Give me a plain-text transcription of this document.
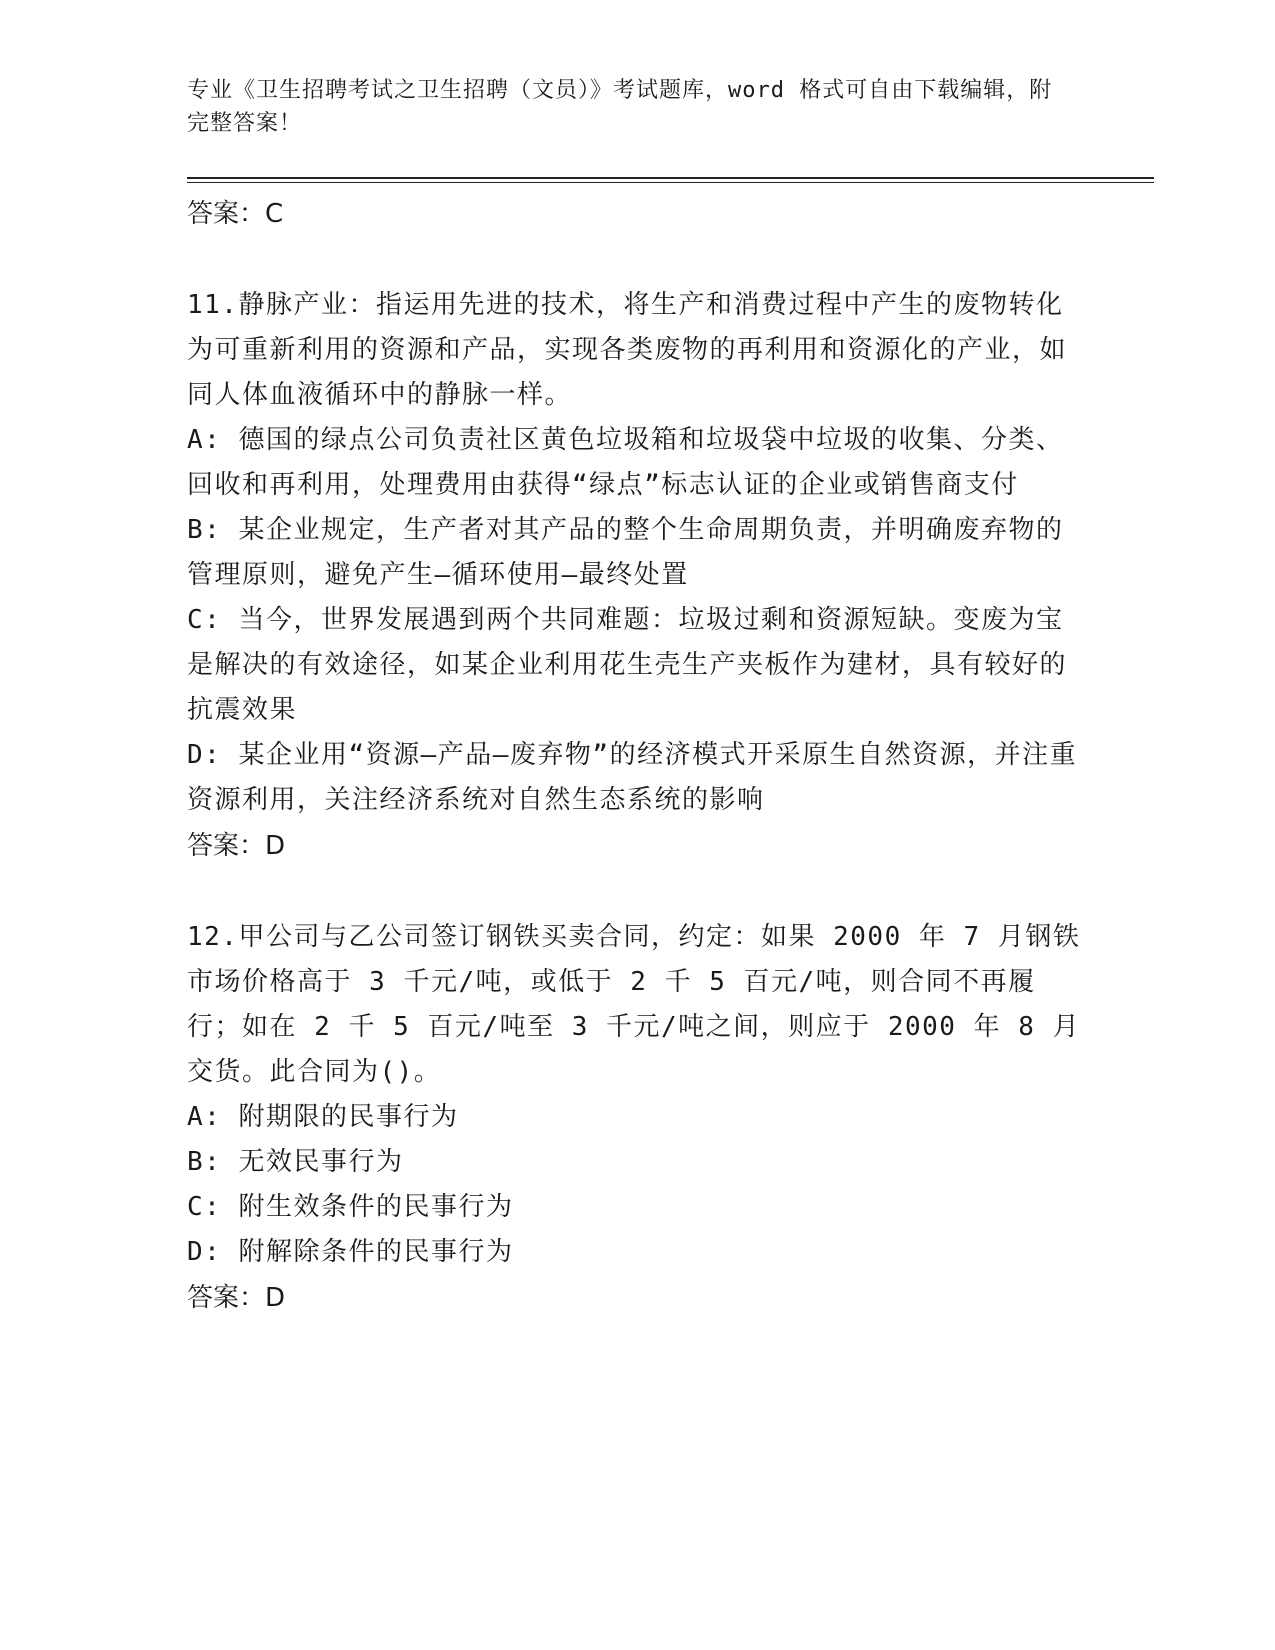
专业《卫生招聘考试之卫生招聘（文员）》考试题库，word 格式可自由下载编辑，附完整答案！

答案：C

11.静脉产业：指运用先进的技术，将生产和消费过程中产生的废物转化为可重新利用的资源和产品，实现各类废物的再利用和资源化的产业，如同人体血液循环中的静脉一样。

A: 德国的绿点公司负责社区黄色垃圾箱和垃圾袋中垃圾的收集、分类、回收和再利用，处理费用由获得“绿点”标志认证的企业或销售商支付

B: 某企业规定，生产者对其产品的整个生命周期负责，并明确废弃物的管理原则，避免产生—循环使用—最终处置

C: 当今，世界发展遇到两个共同难题：垃圾过剩和资源短缺。变废为宝是解决的有效途径，如某企业利用花生壳生产夹板作为建材，具有较好的抗震效果

D: 某企业用“资源—产品—废弃物”的经济模式开采原生自然资源，并注重资源利用，关注经济系统对自然生态系统的影响

答案：D

12.甲公司与乙公司签订钢铁买卖合同，约定：如果 2000 年 7 月钢铁市场价格高于 3 千元/吨，或低于 2 千 5 百元/吨，则合同不再履行；如在 2 千 5 百元/吨至 3 千元/吨之间，则应于 2000 年 8 月交货。此合同为()。

A: 附期限的民事行为

B: 无效民事行为

C: 附生效条件的民事行为

D: 附解除条件的民事行为

答案：D
